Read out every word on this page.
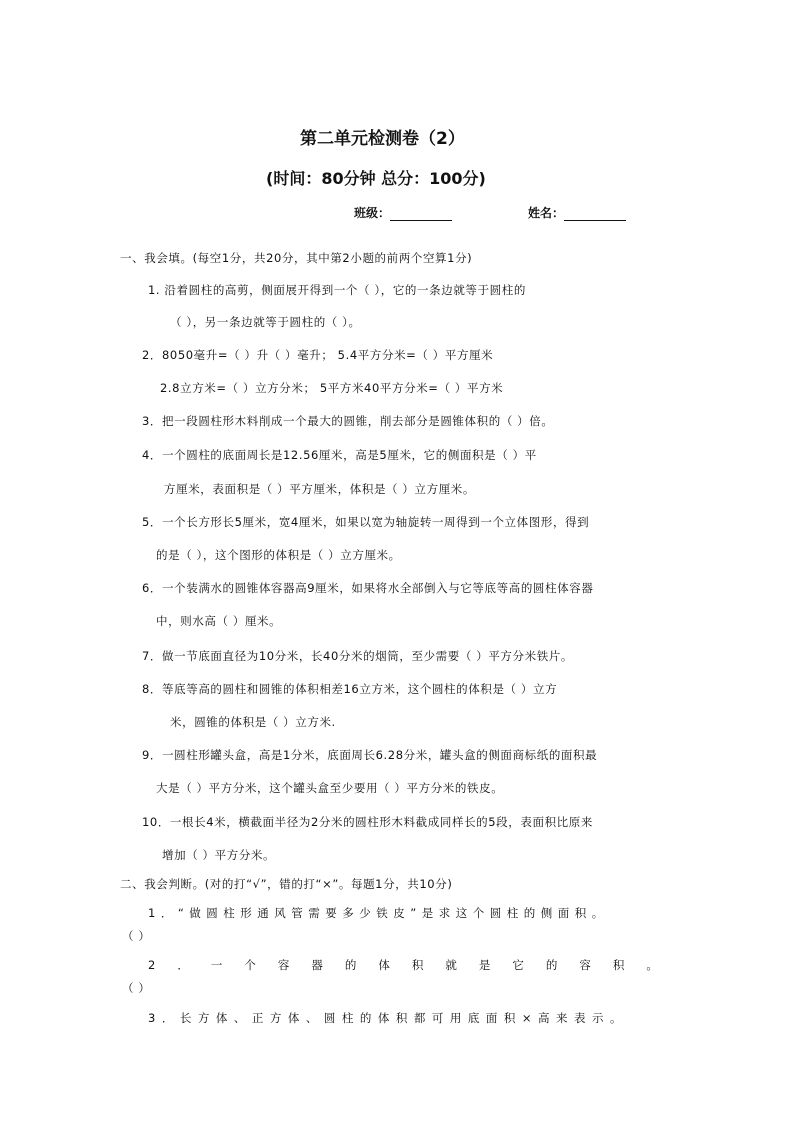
第二单元检测卷（2）
(时间：80分钟 总分：100分)
班级：	姓名：
一、我会填。(每空1分，共20分，其中第2小题的前两个空算1分)
1. 沿着圆柱的高剪，侧面展开得到一个（ ），它的一条边就等于圆柱的
（ ），另一条边就等于圆柱的（ ）。
2．8050毫升=（ ）升（ ）毫升； 5.4平方分米=（ ）平方厘米
2.8立方米=（ ）立方分米； 5平方米40平方分米=（ ）平方米
3．把一段圆柱形木料削成一个最大的圆锥，削去部分是圆锥体积的（ ）倍。
4．一个圆柱的底面周长是12.56厘米，高是5厘米，它的侧面积是（ ）平
方厘米，表面积是（ ）平方厘米，体积是（ ）立方厘米。
5．一个长方形长5厘米，宽4厘米，如果以宽为轴旋转一周得到一个立体图形，得到
的是（ ），这个图形的体积是（ ）立方厘米。
6．一个装满水的圆锥体容器高9厘米，如果将水全部倒入与它等底等高的圆柱体容器
中，则水高（ ）厘米。
7．做一节底面直径为10分米，长40分米的烟筒，至少需要（ ）平方分米铁片。
8．等底等高的圆柱和圆锥的体积相差16立方米，这个圆柱的体积是（ ）立方
米，圆锥的体积是（ ）立方米.
9．一圆柱形罐头盒，高是1分米，底面周长6.28分米，罐头盒的侧面商标纸的面积最
大是（ ）平方分米，这个罐头盒至少要用（ ）平方分米的铁皮。
10．一根长4米，横截面半径为2分米的圆柱形木料截成同样长的5段，表面积比原来
增加（ ）平方分米。
二、我会判断。(对的打“√”，错的打“×”。每题1分，共10分)
1．“做圆柱形通风管需要多少铁皮”是求这个圆柱的侧面积。
（ ）
2．一个容器的体积就是它的容积。
（ ）
3．长方体、正方体、圆柱的体积都可用底面积×高来表示。
